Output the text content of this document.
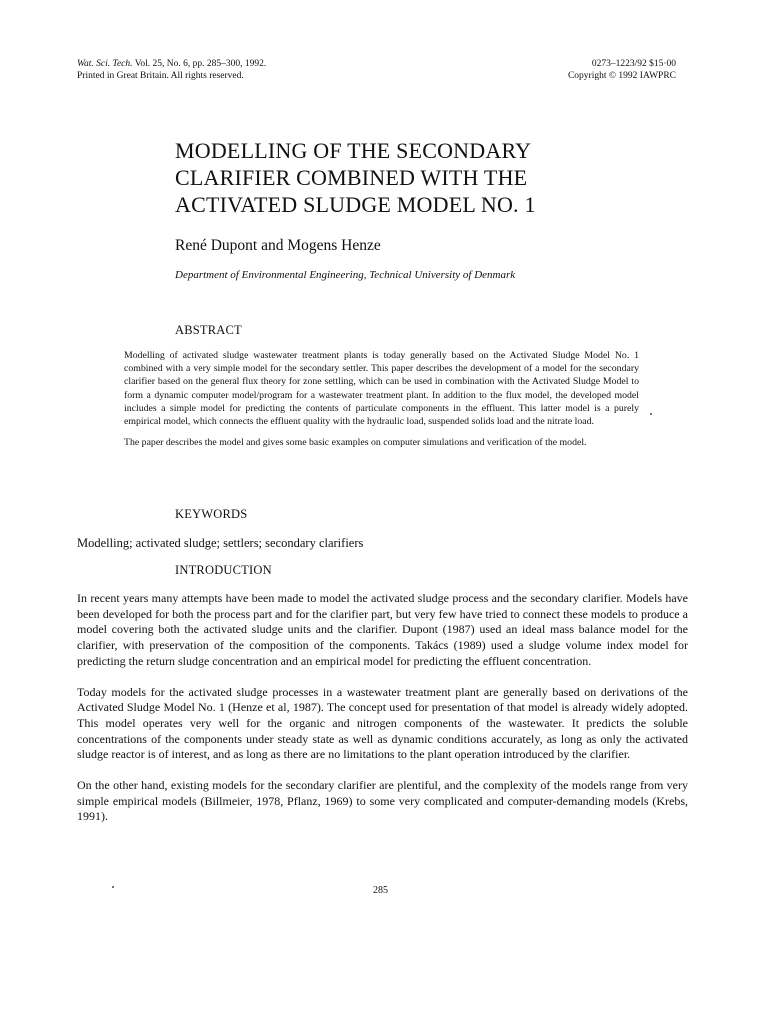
Wat. Sci. Tech. Vol. 25, No. 6, pp. 285–300, 1992.
Printed in Great Britain. All rights reserved.
0273–1223/92 $15·00
Copyright © 1992 IAWPRC
MODELLING OF THE SECONDARY
CLARIFIER COMBINED WITH THE
ACTIVATED SLUDGE MODEL NO. 1

René Dupont and Mogens Henze

Department of Environmental Engineering, Technical University of Denmark

ABSTRACT

Modelling of activated sludge wastewater treatment plants is today generally based on the Activated Sludge Model No. 1 combined with a very simple model for the secondary settler. This paper describes the development of a model for the secondary clarifier based on the general flux theory for zone settling, which can be used in combination with the Activated Sludge Model to form a dynamic computer model/program for a wastewater treatment plant. In addition to the flux model, the developed model includes a simple model for predicting the contents of particulate components in the effluent. This latter model is a purely empirical model, which connects the effluent quality with the hydraulic load, suspended solids load and the nitrate load.

The paper describes the model and gives some basic examples on computer simulations and verification of the model.

KEYWORDS

Modelling; activated sludge; settlers; secondary clarifiers

INTRODUCTION

In recent years many attempts have been made to model the activated sludge process and the secondary clarifier. Models have been developed for both the process part and for the clarifier part, but very few have tried to connect these models to produce a model covering both the activated sludge units and the clarifier. Dupont (1987) used an ideal mass balance model for the clarifier, with preservation of the composition of the components. Takács (1989) used a sludge volume index model for predicting the return sludge concentration and an empirical model for predicting the effluent concentration.

Today models for the activated sludge processes in a wastewater treatment plant are generally based on derivations of the Activated Sludge Model No. 1 (Henze et al, 1987). The concept used for presentation of that model is already widely adopted. This model operates very well for the organic and nitrogen components of the wastewater. It predicts the soluble concentrations of the components under steady state as well as dynamic conditions accurately, as long as only the activated sludge reactor is of interest, and as long as there are no limitations to the plant operation introduced by the clarifier.

On the other hand, existing models for the secondary clarifier are plentiful, and the complexity of the models range from very simple empirical models (Billmeier, 1978, Pflanz, 1969) to some very complicated and computer-demanding models (Krebs, 1991).

285
